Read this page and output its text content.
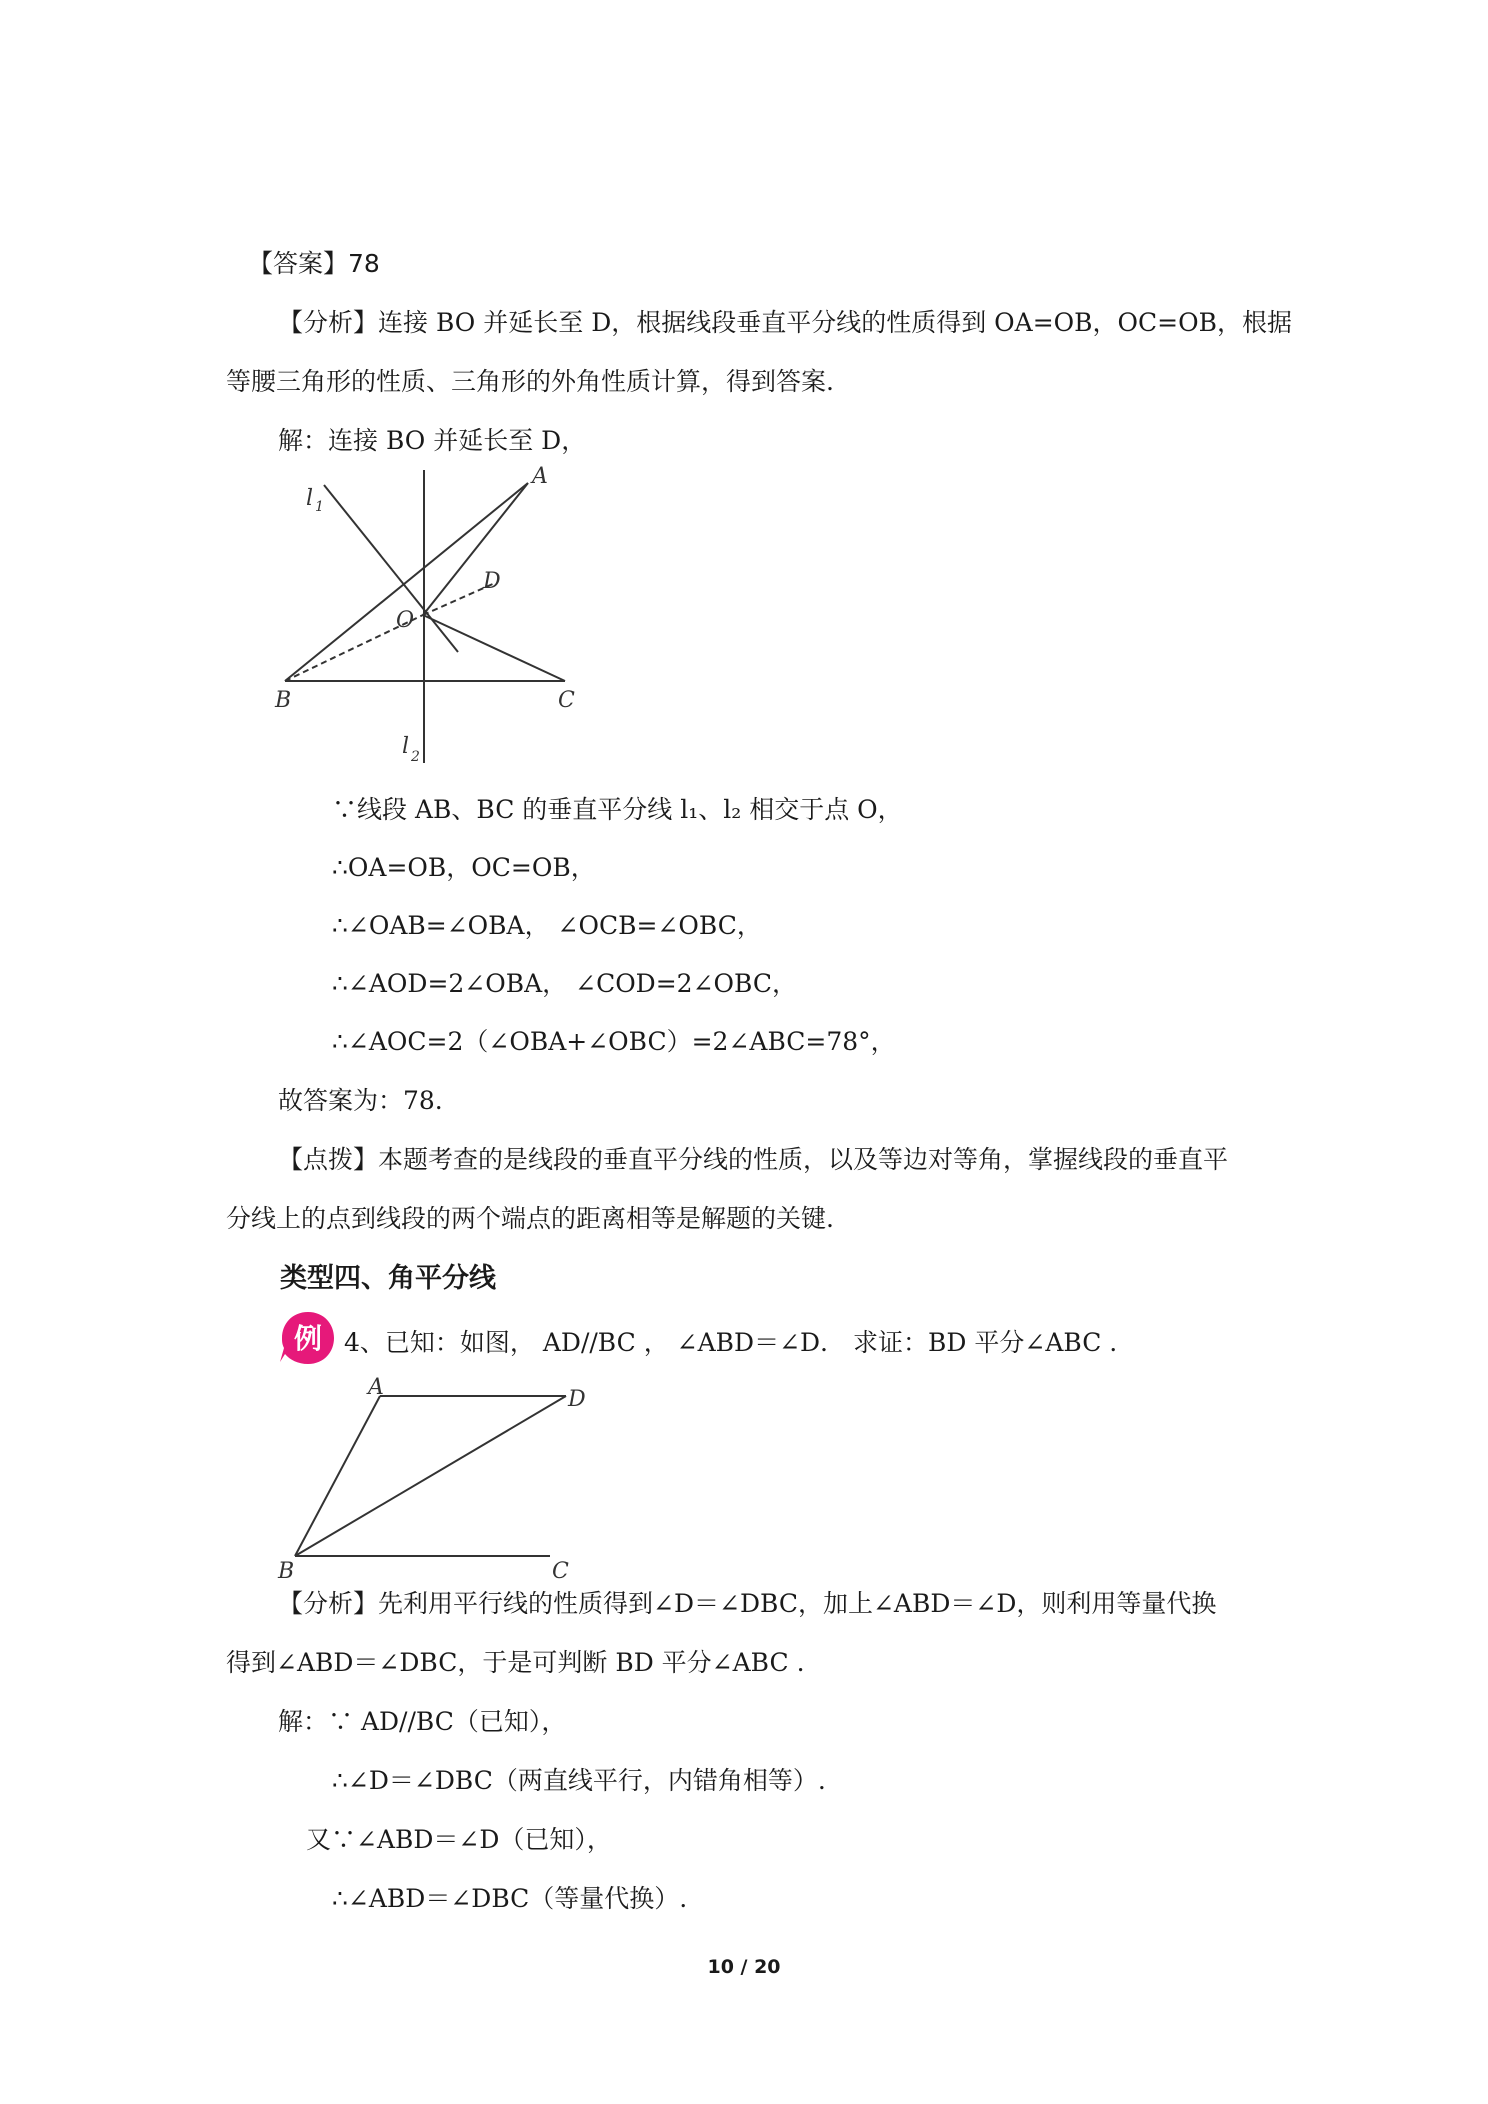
【答案】78
【分析】连接 BO 并延长至 D，根据线段垂直平分线的性质得到 OA=OB，OC=OB，根据
等腰三角形的性质、三角形的外角性质计算，得到答案.
解：连接 BO 并延长至 D，
A
B	C
D
O
l 1
l 2
∵线段 AB、BC 的垂直平分线 l₁、l₂ 相交于点 O，
∴OA=OB，OC=OB，
∴∠OAB=∠OBA， ∠OCB=∠OBC，
∴∠AOD=2∠OBA， ∠COD=2∠OBC，
∴∠AOC=2（∠OBA+∠OBC）=2∠ABC=78°，
故答案为：78.
【点拨】本题考查的是线段的垂直平分线的性质，以及等边对等角，掌握线段的垂直平
分线上的点到线段的两个端点的距离相等是解题的关键.
类型四、角平分线
例 4、已知：如图， AD//BC ， ∠ABD＝∠D． 求证：BD 平分∠ABC .
A	D
B	C
【分析】先利用平行线的性质得到∠D＝∠DBC，加上∠ABD＝∠D，则利用等量代换
得到∠ABD＝∠DBC，于是可判断 BD 平分∠ABC .
解：∵ AD//BC（已知），
∴∠D＝∠DBC（两直线平行，内错角相等）.
又∵∠ABD＝∠D（已知），
∴∠ABD＝∠DBC（等量代换）.
10 / 20
